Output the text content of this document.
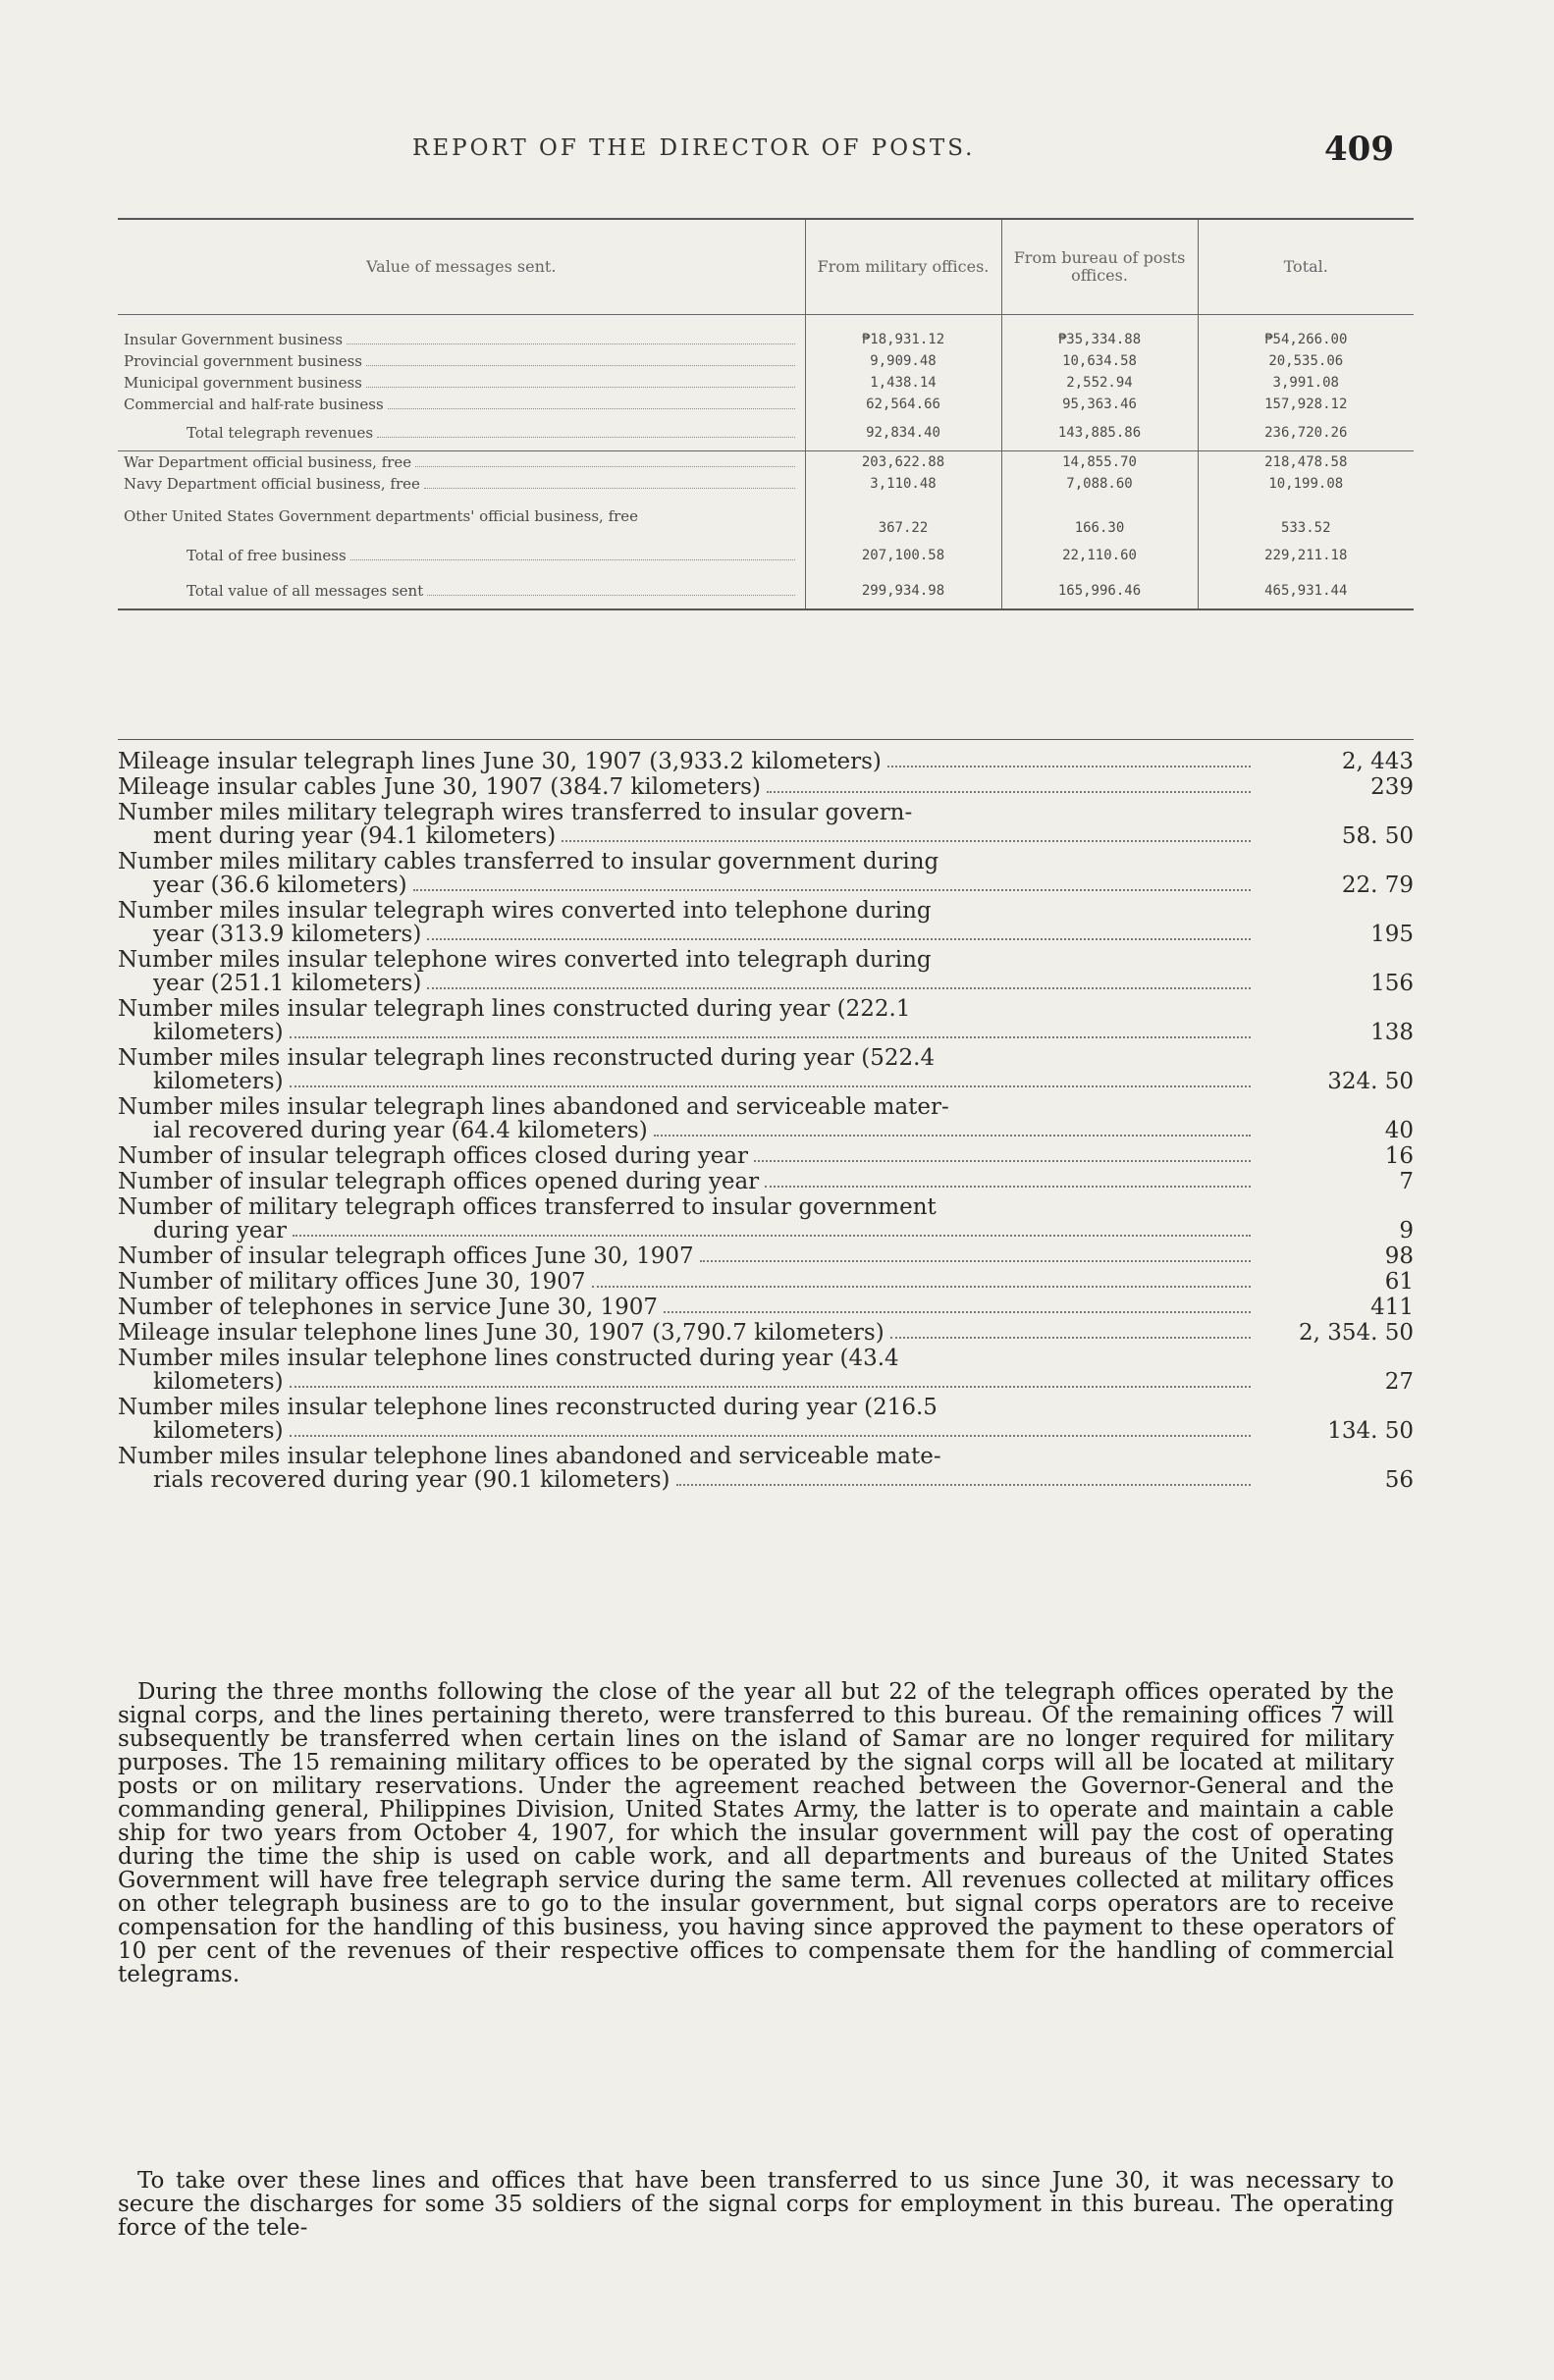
REPORT OF THE DIRECTOR OF POSTS.	409
Value of messages sent.	From military offices.	From bureau of posts offices.	Total.

Insular Government business	₱18,931.12	₱35,334.88	₱54,266.00

Provincial government business	9,909.48	10,634.58	20,535.06

Municipal government business	1,438.14	2,552.94	3,991.08

Commercial and half-rate business	62,564.66	95,363.46	157,928.12

Total telegraph revenues	92,834.40	143,885.86	236,720.26

War Department official business, free	203,622.88	14,855.70	218,478.58

Navy Department official business, free	3,110.48	7,088.60	10,199.08
Other United States Government departments' official business, free	367.22	166.30	533.52

Total of free business	207,100.58	22,110.60	229,211.18

Total value of all messages sent	299,934.98	165,996.46	465,931.44
Mileage insular telegraph lines June 30, 1907 (3,933.2 kilometers)	2, 443
Mileage insular cables June 30, 1907 (384.7 kilometers)	239
Number miles military telegraph wires transferred to insular govern-
ment during year (94.1 kilometers)	58. 50
Number miles military cables transferred to insular government during
year (36.6 kilometers)	22. 79
Number miles insular telegraph wires converted into telephone during
year (313.9 kilometers)	195
Number miles insular telephone wires converted into telegraph during
year (251.1 kilometers)	156
Number miles insular telegraph lines constructed during year (222.1
kilometers)	138
Number miles insular telegraph lines reconstructed during year (522.4
kilometers)	324. 50
Number miles insular telegraph lines abandoned and serviceable mater-
ial recovered during year (64.4 kilometers)	40
Number of insular telegraph offices closed during year	16
Number of insular telegraph offices opened during year	7
Number of military telegraph offices transferred to insular government
during year	9
Number of insular telegraph offices June 30, 1907	98
Number of military offices June 30, 1907	61
Number of telephones in service June 30, 1907	411
Mileage insular telephone lines June 30, 1907 (3,790.7 kilometers)	2, 354. 50
Number miles insular telephone lines constructed during year (43.4
kilometers)	27
Number miles insular telephone lines reconstructed during year (216.5
kilometers)	134. 50
Number miles insular telephone lines abandoned and serviceable mate-
rials recovered during year (90.1 kilometers)	56

During the three months following the close of the year all but 22 of the telegraph offices operated by the signal corps, and the lines pertaining thereto, were transferred to this bureau. Of the remaining offices 7 will subsequently be transferred when certain lines on the island of Samar are no longer required for military purposes. The 15 remaining military offices to be operated by the signal corps will all be located at military posts or on military reservations. Under the agreement reached between the Governor-General and the commanding general, Philippines Division, United States Army, the latter is to operate and maintain a cable ship for two years from October 4, 1907, for which the insular government will pay the cost of operating during the time the ship is used on cable work, and all departments and bureaus of the United States Government will have free telegraph service during the same term. All revenues collected at military offices on other telegraph business are to go to the insular government, but signal corps operators are to receive compensation for the handling of this business, you having since approved the payment to these operators of 10 per cent of the revenues of their respective offices to compensate them for the handling of commercial telegrams.

To take over these lines and offices that have been transferred to us since June 30, it was necessary to secure the discharges for some 35 soldiers of the signal corps for employment in this bureau. The operating force of the tele-
